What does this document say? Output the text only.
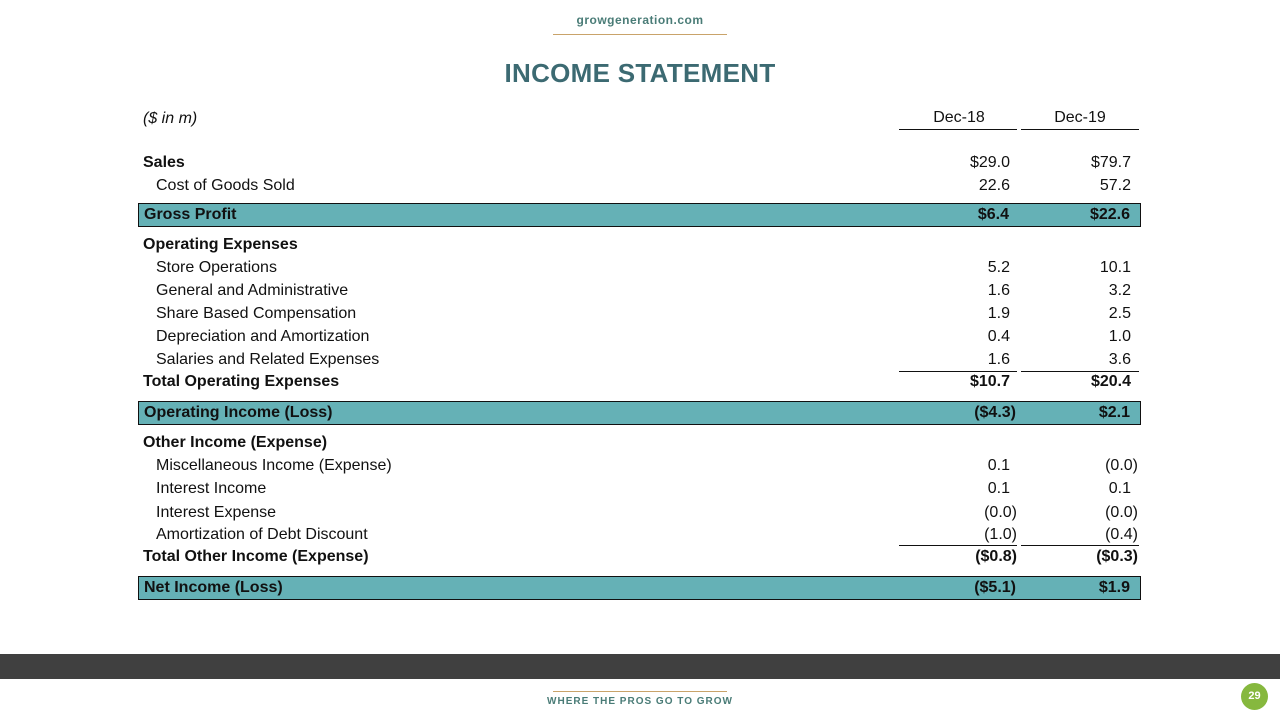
growgeneration.com
INCOME STATEMENT
($ in m)	Dec-18	Dec-19
Sales	$29.0	$79.7
Cost of Goods Sold	22.6	57.2
Gross Profit	$6.4	$22.6
Operating Expenses
Store Operations	5.2	10.1
General and Administrative	1.6	3.2
Share Based Compensation	1.9	2.5
Depreciation and Amortization	0.4	1.0
Salaries and Related Expenses	1.6	3.6
Total Operating Expenses	$10.7	$20.4
Operating Income (Loss)	($4.3)	$2.1
Other Income (Expense)
Miscellaneous Income (Expense)	0.1	(0.0)
Interest Income	0.1	0.1
Interest Expense	(0.0)	(0.0)
Amortization of Debt Discount	(1.0)	(0.4)
Total Other Income (Expense)	($0.8)	($0.3)
Net Income (Loss)	($5.1)	$1.9
WHERE THE PROS GO TO GROW	29
